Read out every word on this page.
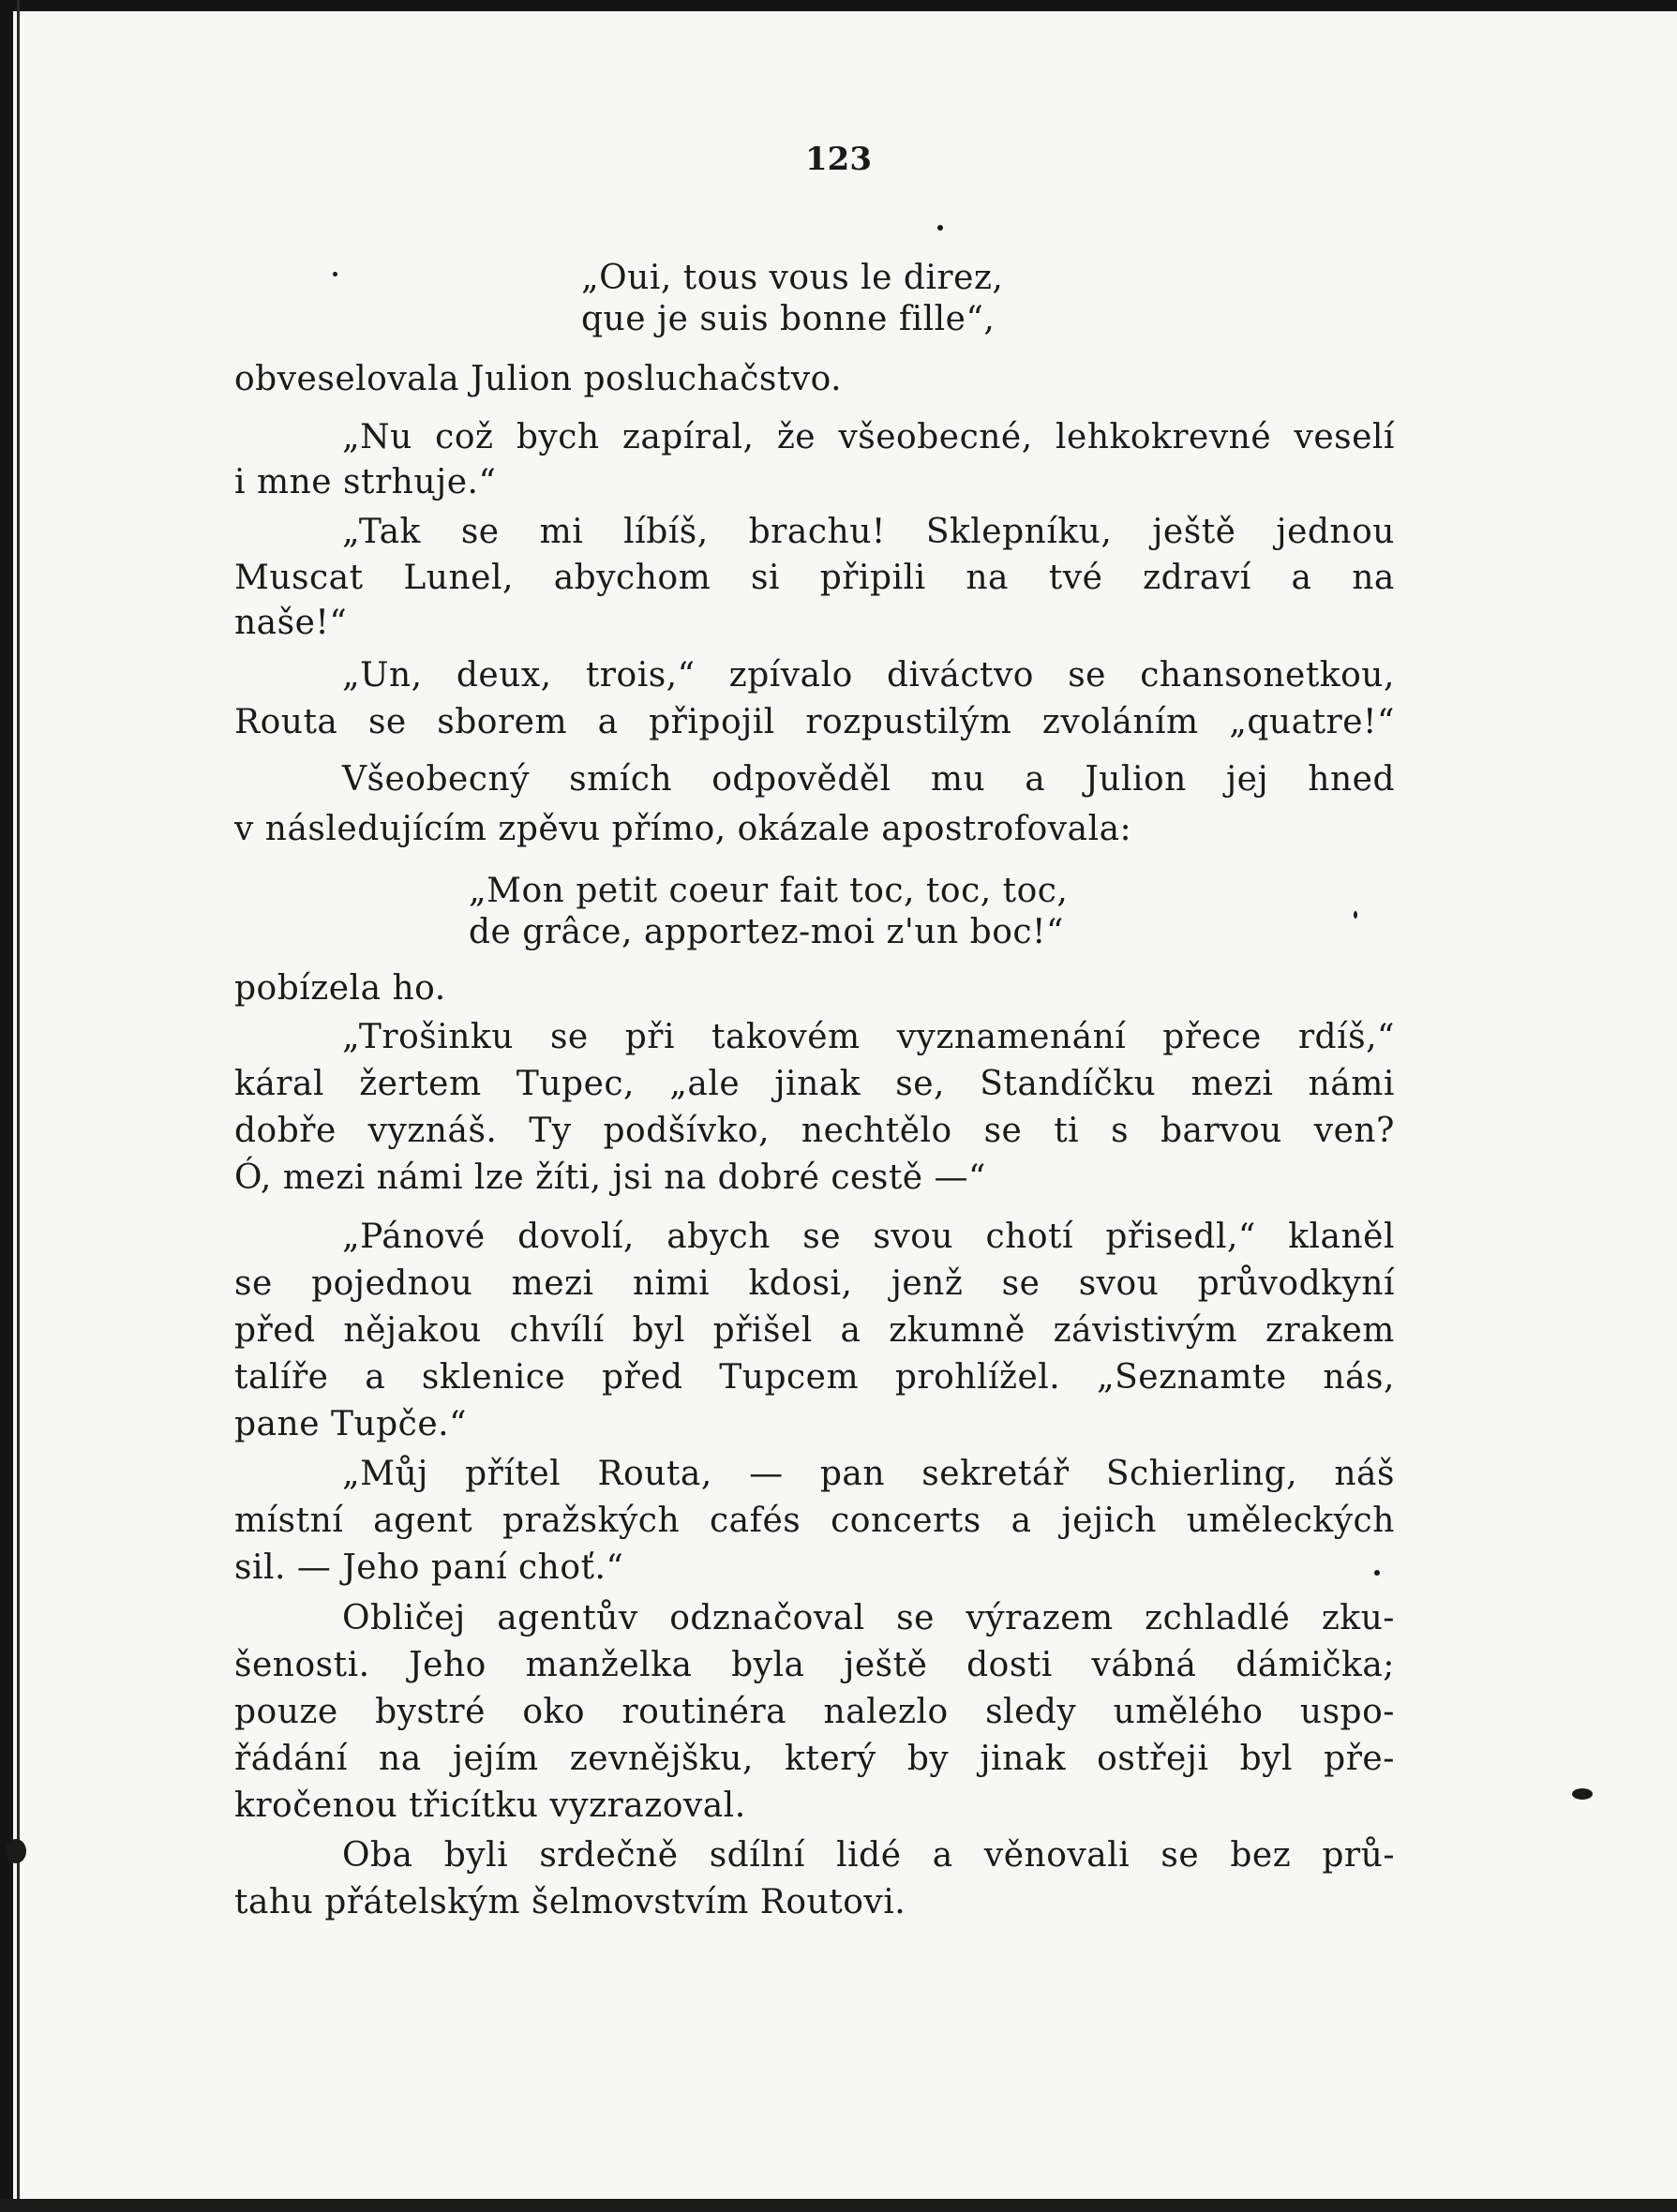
123
„Oui, tous vous le direz,
que je suis bonne fille“,
obveselovala Julion posluchačstvo.
„Nu což bych zapíral, že všeobecné, lehkokrevné veselí
i mne strhuje.“
„Tak se mi líbíš, brachu! Sklepníku, ještě jednou
Muscat Lunel, abychom si připili na tvé zdraví a na
naše!“
„Un, deux, trois,“ zpívalo diváctvo se chansonetkou,
Routa se sborem a připojil rozpustilým zvoláním „quatre!“
Všeobecný smích odpověděl mu a Julion jej hned
v následujícím zpěvu přímo, okázale apostrofovala:
„Mon petit coeur fait toc, toc, toc,
de grâce, apportez-moi z'un boc!“
pobízela ho.
„Trošinku se při takovém vyznamenání přece rdíš,“
káral žertem Tupec, „ale jinak se, Standíčku mezi námi
dobře vyznáš. Ty podšívko, nechtělo se ti s barvou ven?
Ó, mezi námi lze žíti, jsi na dobré cestě —“
„Pánové dovolí, abych se svou chotí přisedl,“ klaněl
se pojednou mezi nimi kdosi, jenž se svou průvodkyní
před nějakou chvílí byl přišel a zkumně závistivým zrakem
talíře a sklenice před Tupcem prohlížel. „Seznamte nás,
pane Tupče.“
„Můj přítel Routa, — pan sekretář Schierling, náš
místní agent pražských cafés concerts a jejich uměleckých
sil. — Jeho paní choť.“
Obličej agentův odznačoval se výrazem zchladlé zku-
šenosti. Jeho manželka byla ještě dosti vábná dámička;
pouze bystré oko routinéra nalezlo sledy umělého uspo-
řádání na jejím zevnějšku, který by jinak ostřeji byl pře-
kročenou třicítku vyzrazoval.
Oba byli srdečně sdílní lidé a věnovali se bez prů-
tahu přátelským šelmovstvím Routovi.
